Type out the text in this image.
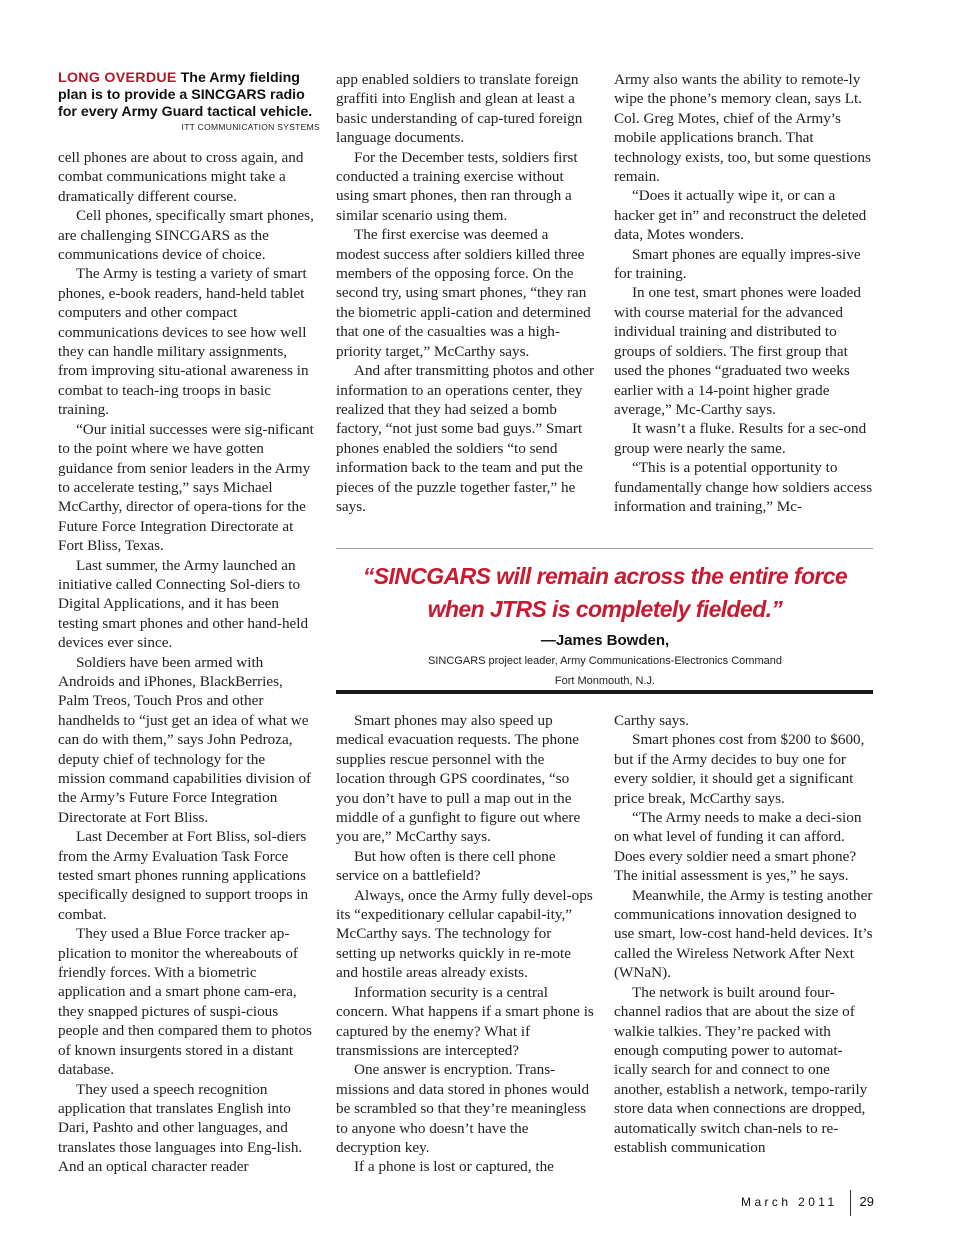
LONG OVERDUE The Army fielding plan is to provide a SINCGARS radio for every Army Guard tactical vehicle.
ITT COMMUNICATION SYSTEMS

cell phones are about to cross again, and combat communications might take a dramatically different course.

Cell phones, specifically smart phones, are challenging SINCGARS as the communications device of choice.

The Army is testing a variety of smart phones, e-book readers, hand-held tablet computers and other compact communications devices to see how well they can handle military assignments, from improving situ-ational awareness in combat to teach-ing troops in basic training.

“Our initial successes were sig-nificant to the point where we have gotten guidance from senior leaders in the Army to accelerate testing,” says Michael McCarthy, director of opera-tions for the Future Force Integration Directorate at Fort Bliss, Texas.

Last summer, the Army launched an initiative called Connecting Sol-diers to Digital Applications, and it has been testing smart phones and other hand-held devices ever since.

Soldiers have been armed with Androids and iPhones, BlackBerries, Palm Treos, Touch Pros and other handhelds to “just get an idea of what we can do with them,” says John Pedroza, deputy chief of technology for the mission command capabilities division of the Army’s Future Force Integration Directorate at Fort Bliss.

Last December at Fort Bliss, sol-diers from the Army Evaluation Task Force tested smart phones running applications specifically designed to support troops in combat.

They used a Blue Force tracker ap-plication to monitor the whereabouts of friendly forces. With a biometric application and a smart phone cam-era, they snapped pictures of suspi-cious people and then compared them to photos of known insurgents stored in a distant database.

They used a speech recognition application that translates English into Dari, Pashto and other languages, and translates those languages into Eng-lish. And an optical character reader

app enabled soldiers to translate foreign graffiti into English and glean at least a basic understanding of cap-tured foreign language documents.

For the December tests, soldiers first conducted a training exercise without using smart phones, then ran through a similar scenario using them.

The first exercise was deemed a modest success after soldiers killed three members of the opposing force. On the second try, using smart phones, “they ran the biometric appli-cation and determined that one of the casualties was a high-priority target,” McCarthy says.

And after transmitting photos and other information to an operations center, they realized that they had seized a bomb factory, “not just some bad guys.” Smart phones enabled the soldiers “to send information back to the team and put the pieces of the puzzle together faster,” he says.

Army also wants the ability to remote-ly wipe the phone’s memory clean, says Lt. Col. Greg Motes, chief of the Army’s mobile applications branch. That technology exists, too, but some questions remain.

“Does it actually wipe it, or can a hacker get in” and reconstruct the deleted data, Motes wonders.

Smart phones are equally impres-sive for training.

In one test, smart phones were loaded with course material for the advanced individual training and distributed to groups of soldiers. The first group that used the phones “graduated two weeks earlier with a 14-point higher grade average,” Mc-Carthy says.

It wasn’t a fluke. Results for a sec-ond group were nearly the same.

“This is a potential opportunity to fundamentally change how soldiers access information and training,” Mc-

“SINCGARS will remain across the entire force
when JTRS is completely fielded.”
—James Bowden,
SINCGARS project leader, Army Communications-Electronics Command
Fort Monmouth, N.J.

Smart phones may also speed up medical evacuation requests. The phone supplies rescue personnel with the location through GPS coordinates, “so you don’t have to pull a map out in the middle of a gunfight to figure out where you are,” McCarthy says.

But how often is there cell phone service on a battlefield?

Always, once the Army fully devel-ops its “expeditionary cellular capabil-ity,” McCarthy says. The technology for setting up networks quickly in re-mote and hostile areas already exists.

Information security is a central concern. What happens if a smart phone is captured by the enemy? What if transmissions are intercepted?

One answer is encryption. Trans-missions and data stored in phones would be scrambled so that they’re meaningless to anyone who doesn’t have the decryption key.

If a phone is lost or captured, the

Carthy says.

Smart phones cost from $200 to $600, but if the Army decides to buy one for every soldier, it should get a significant price break, McCarthy says.

“The Army needs to make a deci-sion on what level of funding it can afford. Does every soldier need a smart phone? The initial assessment is yes,” he says.

Meanwhile, the Army is testing another communications innovation designed to use smart, low-cost hand-held devices. It’s called the Wireless Network After Next (WNaN).

The network is built around four-channel radios that are about the size of walkie talkies. They’re packed with enough computing power to automat-ically search for and connect to one another, establish a network, tempo-rarily store data when connections are dropped, automatically switch chan-nels to re-establish communication

March 2011 29
